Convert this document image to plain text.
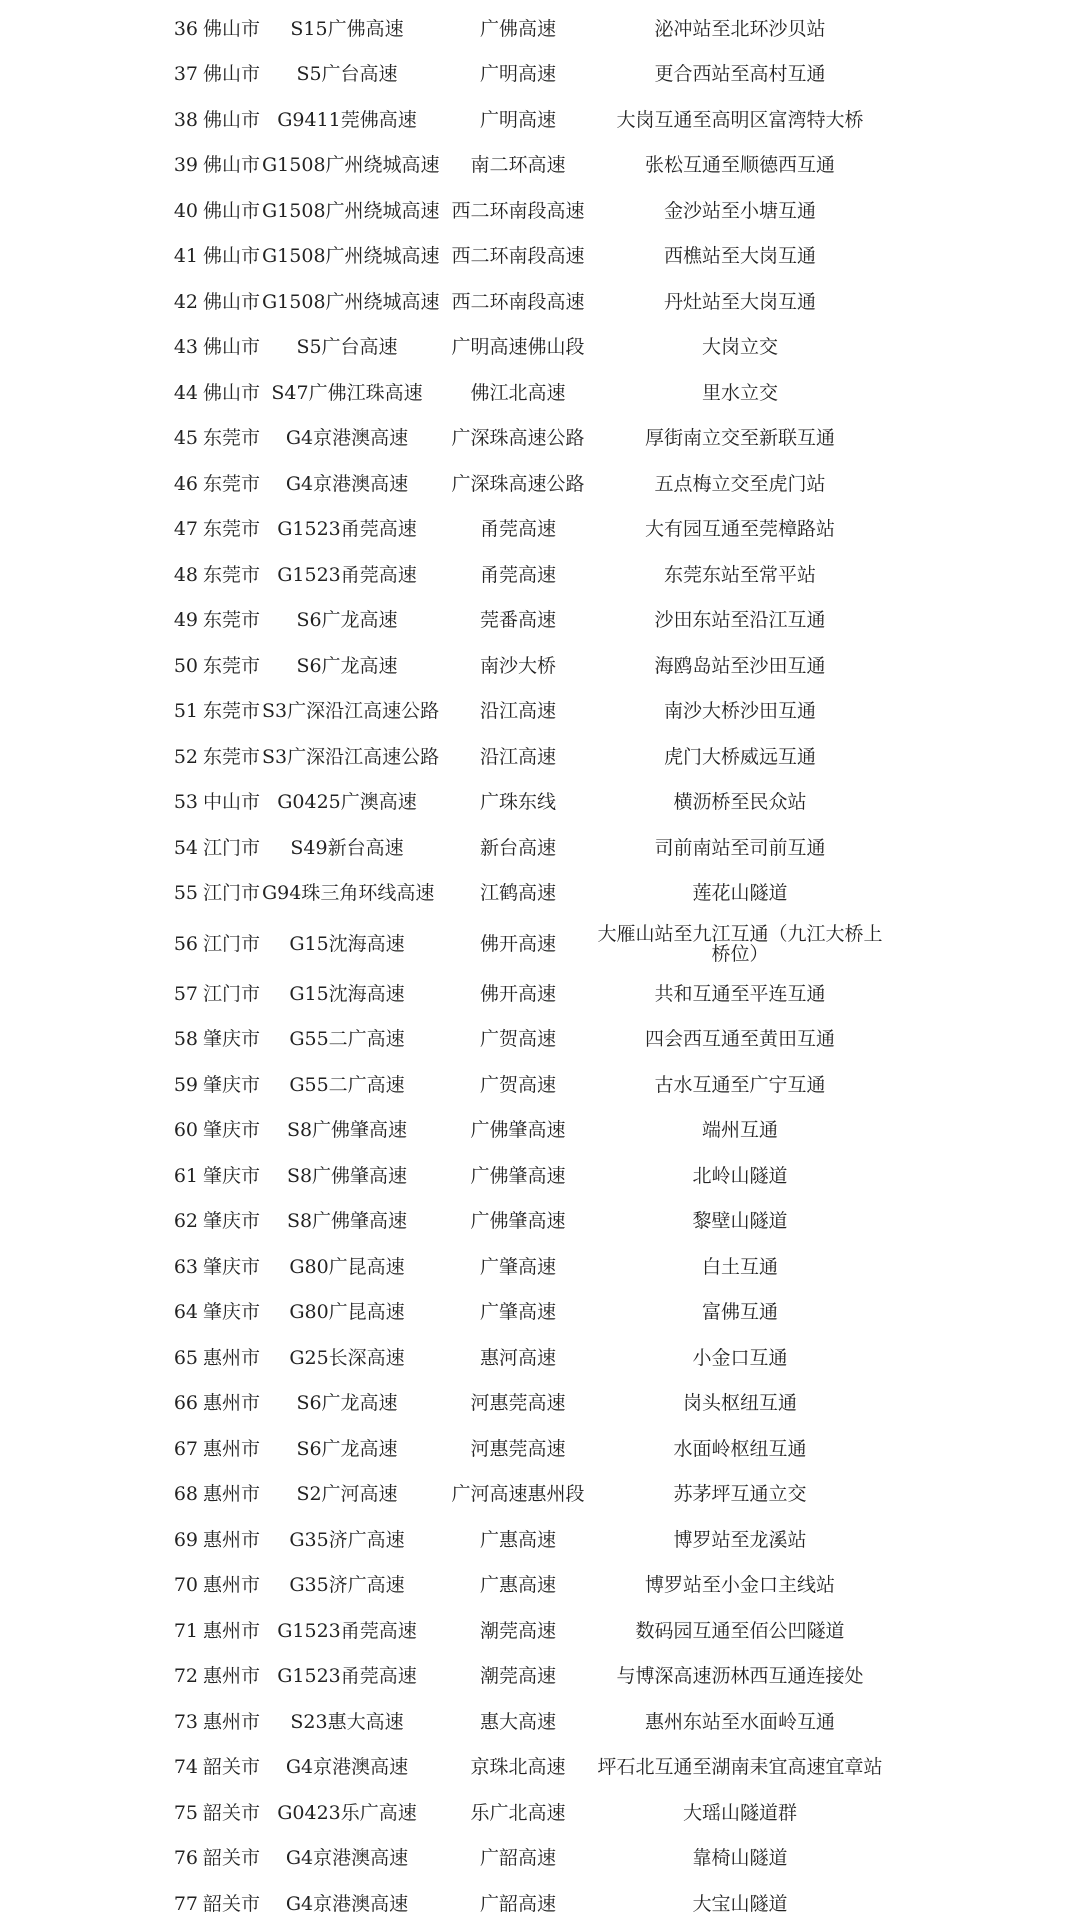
36 佛山市	S15广佛高速	广佛高速	泌冲站至北环沙贝站
37 佛山市	S5广台高速	广明高速	更合西站至高村互通
38 佛山市 G9411莞佛高速	广明高速	大岗互通至高明区富湾特大桥
39 佛山市 G1508广州绕城高速	南二环高速	张松互通至顺德西互通
40 佛山市 G1508广州绕城高速 西二环南段高速	金沙站至小塘互通
41 佛山市 G1508广州绕城高速 西二环南段高速	西樵站至大岗互通
42 佛山市 G1508广州绕城高速 西二环南段高速	丹灶站至大岗互通
43 佛山市	S5广台高速	广明高速佛山段	大岗立交
44 佛山市 S47广佛江珠高速	佛江北高速	里水立交
45 东莞市	G4京港澳高速	广深珠高速公路	厚街南立交至新联互通
46 东莞市	G4京港澳高速	广深珠高速公路	五点梅立交至虎门站
47 东莞市 G1523甬莞高速	甬莞高速	大有园互通至莞樟路站
48 东莞市 G1523甬莞高速	甬莞高速	东莞东站至常平站
49 东莞市	S6广龙高速	莞番高速	沙田东站至沿江互通
50 东莞市	S6广龙高速	南沙大桥	海鸥岛站至沙田互通
51 东莞市 S3广深沿江高速公路	沿江高速	南沙大桥沙田互通
52 东莞市 S3广深沿江高速公路	沿江高速	虎门大桥威远互通
53 中山市 G0425广澳高速	广珠东线	横沥桥至民众站
54 江门市	S49新台高速	新台高速	司前南站至司前互通
55 江门市 G94珠三角环线高速	江鹤高速	莲花山隧道
56 江门市	G15沈海高速	佛开高速	大雁山站至九江互通（九江大桥上桥位）
57 江门市	G15沈海高速	佛开高速	共和互通至平连互通
58 肇庆市	G55二广高速	广贺高速	四会西互通至黄田互通
59 肇庆市	G55二广高速	广贺高速	古水互通至广宁互通
60 肇庆市	S8广佛肇高速	广佛肇高速	端州互通
61 肇庆市	S8广佛肇高速	广佛肇高速	北岭山隧道
62 肇庆市	S8广佛肇高速	广佛肇高速	黎壁山隧道
63 肇庆市	G80广昆高速	广肇高速	白土互通
64 肇庆市	G80广昆高速	广肇高速	富佛互通
65 惠州市	G25长深高速	惠河高速	小金口互通
66 惠州市	S6广龙高速	河惠莞高速	岗头枢纽互通
67 惠州市	S6广龙高速	河惠莞高速	水面岭枢纽互通
68 惠州市	S2广河高速	广河高速惠州段	苏茅坪互通立交
69 惠州市	G35济广高速	广惠高速	博罗站至龙溪站
70 惠州市	G35济广高速	广惠高速	博罗站至小金口主线站
71 惠州市 G1523甬莞高速	潮莞高速	数码园互通至佰公凹隧道
72 惠州市 G1523甬莞高速	潮莞高速	与博深高速沥林西互通连接处
73 惠州市	S23惠大高速	惠大高速	惠州东站至水面岭互通
74 韶关市	G4京港澳高速	京珠北高速	坪石北互通至湖南耒宜高速宜章站
75 韶关市 G0423乐广高速	乐广北高速	大瑶山隧道群
76 韶关市	G4京港澳高速	广韶高速	靠椅山隧道
77 韶关市	G4京港澳高速	广韶高速	大宝山隧道
